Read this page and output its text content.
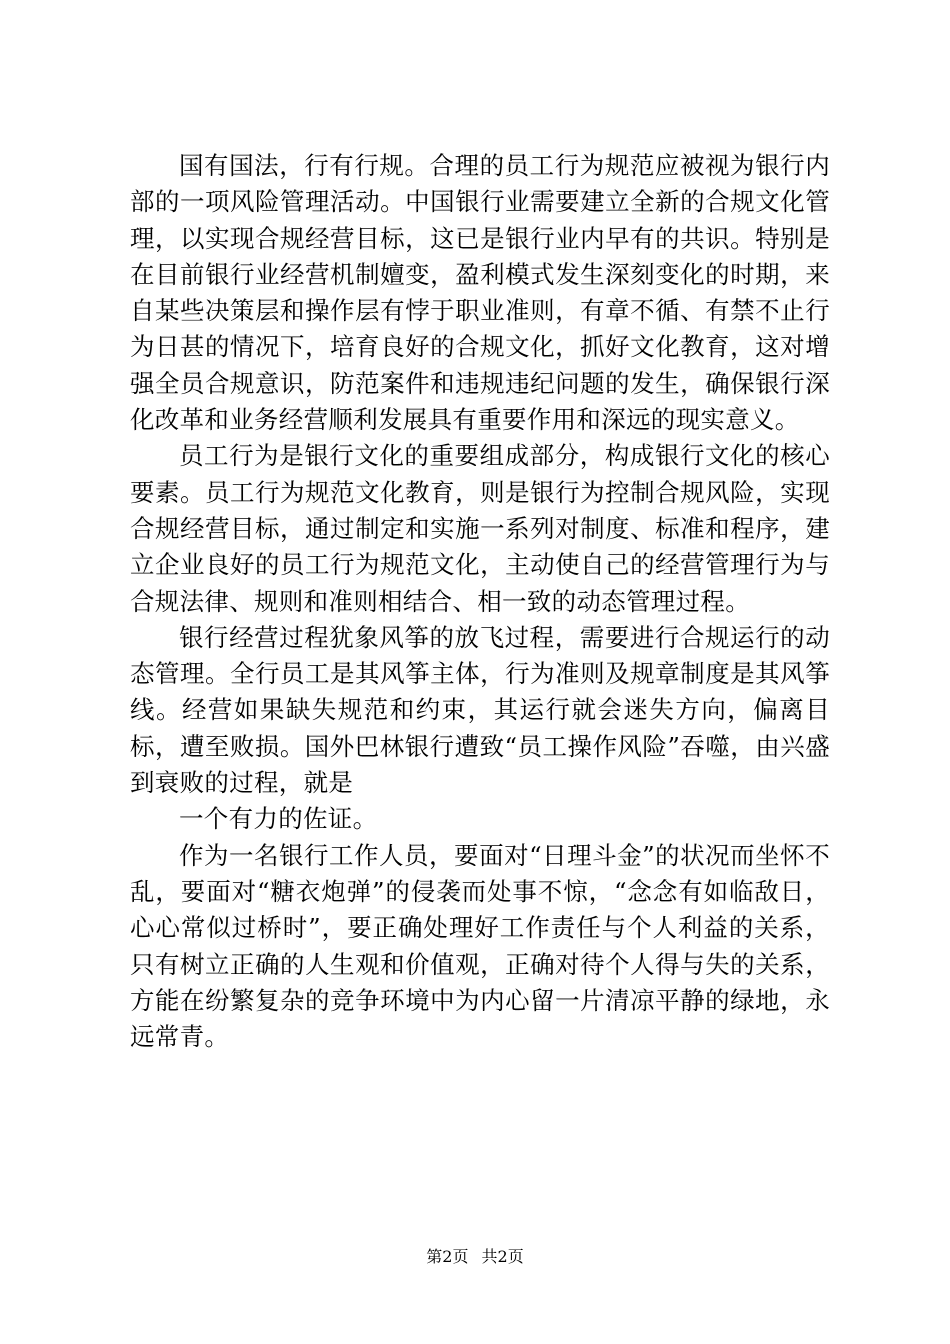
国有国法，行有行规。合理的员工行为规范应被视为银行内部的一项风险管理活动。中国银行业需要建立全新的合规文化管理，以实现合规经营目标，这已是银行业内早有的共识。特别是在目前银行业经营机制嬗变，盈利模式发生深刻变化的时期，来自某些决策层和操作层有悖于职业准则，有章不循、有禁不止行为日甚的情况下，培育良好的合规文化，抓好文化教育，这对增强全员合规意识，防范案件和违规违纪问题的发生，确保银行深化改革和业务经营顺利发展具有重要作用和深远的现实意义。

员工行为是银行文化的重要组成部分，构成银行文化的核心要素。员工行为规范文化教育，则是银行为控制合规风险，实现合规经营目标，通过制定和实施一系列对制度、标准和程序，建立企业良好的员工行为规范文化，主动使自己的经营管理行为与合规法律、规则和准则相结合、相一致的动态管理过程。

银行经营过程犹象风筝的放飞过程，需要进行合规运行的动态管理。全行员工是其风筝主体，行为准则及规章制度是其风筝线。经营如果缺失规范和约束，其运行就会迷失方向，偏离目标，遭至败损。国外巴林银行遭致“员工操作风险”吞噬，由兴盛到衰败的过程，就是

一个有力的佐证。

作为一名银行工作人员，要面对“日理斗金”的状况而坐怀不乱，要面对“糖衣炮弹”的侵袭而处事不惊，“念念有如临敌日，心心常似过桥时”，要正确处理好工作责任与个人利益的关系，只有树立正确的人生观和价值观，正确对待个人得与失的关系，方能在纷繁复杂的竞争环境中为内心留一片清凉平静的绿地，永远常青。

第2页 共2页
